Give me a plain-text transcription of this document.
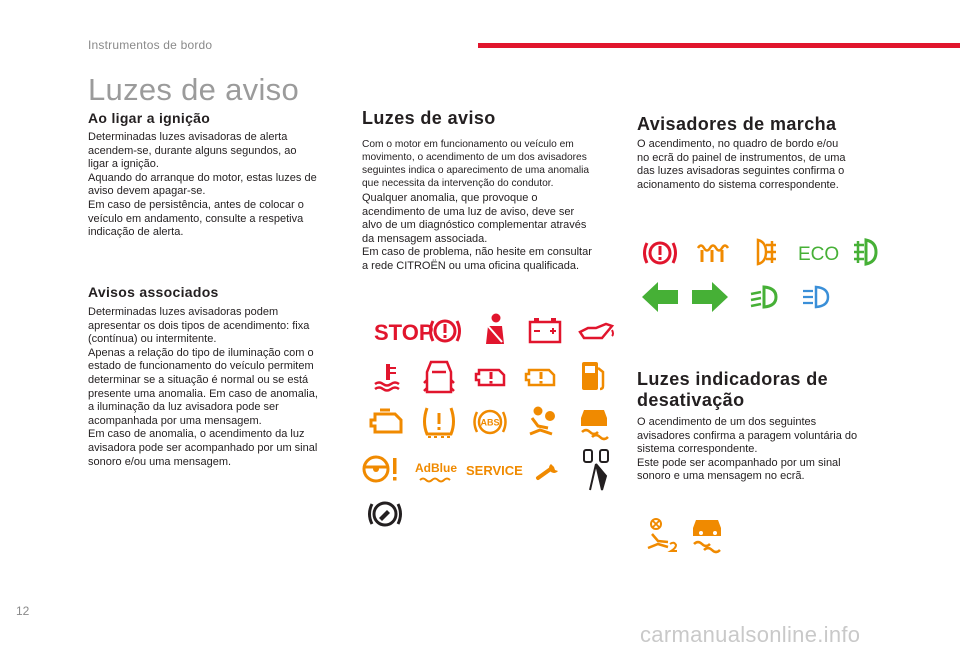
Instrumentos de bordo
Luzes de aviso
Ao ligar a ignição
Determinadas luzes avisadoras de alerta
acendem-se, durante alguns segundos, ao
ligar a ignição.
Aquando do arranque do motor, estas luzes de
aviso devem apagar-se.
Em caso de persistência, antes de colocar o
veículo em andamento, consulte a respetiva
indicação de alerta.
Avisos associados
Determinadas luzes avisadoras podem
apresentar os dois tipos de acendimento: fixa
(contínua) ou intermitente.
Apenas a relação do tipo de iluminação com o
estado de funcionamento do veículo permitem
determinar se a situação é normal ou se está
presente uma anomalia. Em caso de anomalia,
a iluminação da luz avisadora pode ser
acompanhada por uma mensagem.
Em caso de anomalia, o acendimento da luz
avisadora pode ser acompanhado por um sinal
sonoro e/ou uma mensagem.
Luzes de aviso
Com o motor em funcionamento ou veículo em
movimento, o acendimento de um dos avisadores
seguintes indica o aparecimento de uma anomalia
que necessita da intervenção do condutor.
Qualquer anomalia, que provoque o
acendimento de uma luz de aviso, deve ser
alvo de um diagnóstico complementar através
da mensagem associada.
Em caso de problema, não hesite em consultar
a rede CITROËN ou uma oficina qualificada.
STOP
ABS
AdBlue SERVICE
Avisadores de marcha
O acendimento, no quadro de bordo e/ou
no ecrã do painel de instrumentos, de uma
das luzes avisadoras seguintes confirma o
acionamento do sistema correspondente.
ECO
Luzes indicadoras de
desativação
O acendimento de um dos seguintes
avisadores confirma a paragem voluntária do
sistema correspondente.
Este pode ser acompanhado por um sinal
sonoro e uma mensagem no ecrã.
12
carmanualsonline.info
